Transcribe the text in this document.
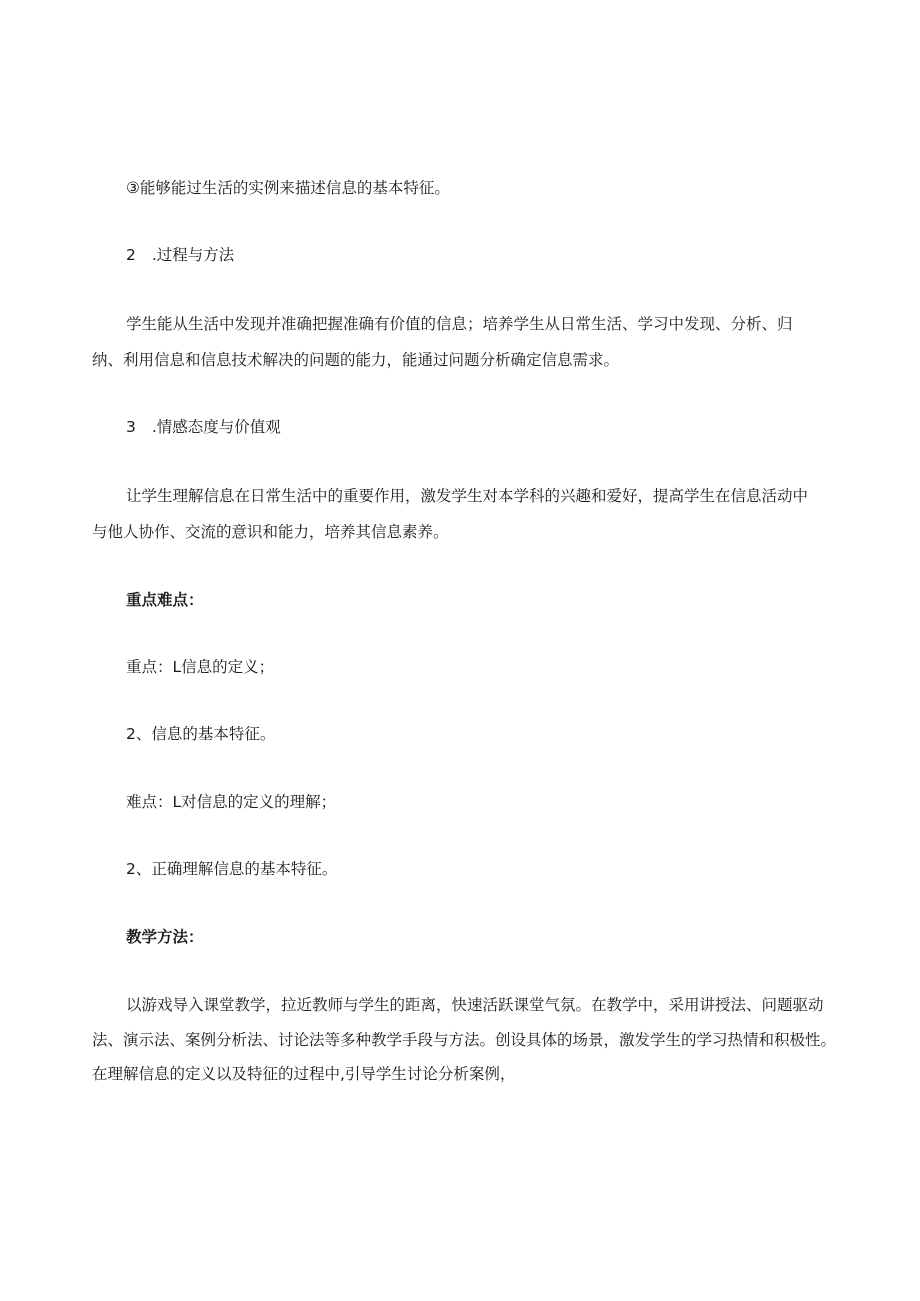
③能够能过生活的实例来描述信息的基本特征。
2 .过程与方法
学生能从生活中发现并准确把握准确有价值的信息；培养学生从日常生活、学习中发现、分析、归
纳、利用信息和信息技术解决的问题的能力，能通过问题分析确定信息需求。
3 .情感态度与价值观
让学生理解信息在日常生活中的重要作用，激发学生对本学科的兴趣和爱好，提高学生在信息活动中
与他人协作、交流的意识和能力，培养其信息素养。
重点难点：
重点：L信息的定义；
2、信息的基本特征。
难点：L对信息的定义的理解；
2、正确理解信息的基本特征。
教学方法：
以游戏导入课堂教学，拉近教师与学生的距离，快速活跃课堂气氛。在教学中，采用讲授法、问题驱动
法、演示法、案例分析法、讨论法等多种教学手段与方法。创设具体的场景，激发学生的学习热情和积极性。
在理解信息的定义以及特征的过程中,引导学生讨论分析案例，
